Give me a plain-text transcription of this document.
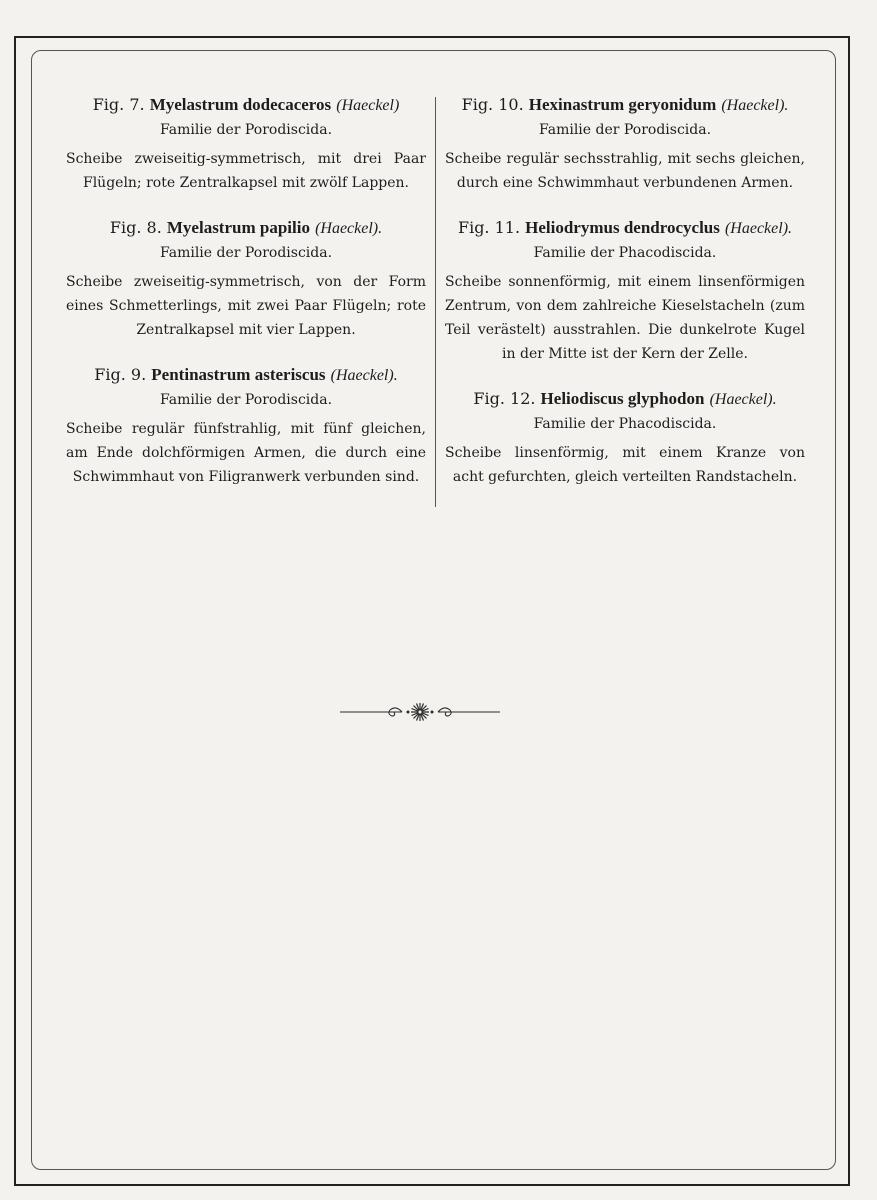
Fig. 7. Myelastrum dodecaceros (Haeckel)
Familie der Porodiscida.
Scheibe zweiseitig-symmetrisch, mit drei Paar
Flügeln; rote Zentralkapsel mit zwölf Lappen.
Fig. 8. Myelastrum papilio (Haeckel).
Familie der Porodiscida.
Scheibe zweiseitig-symmetrisch, von der Form
eines Schmetterlings, mit zwei Paar Flügeln; rote
Zentralkapsel mit vier Lappen.
Fig. 9. Pentinastrum asteriscus (Haeckel).
Familie der Porodiscida.
Scheibe regulär fünfstrahlig, mit fünf gleichen,
am Ende dolchförmigen Armen, die durch eine
Schwimmhaut von Filigranwerk verbunden sind.
Fig. 10. Hexinastrum geryonidum (Haeckel).
Familie der Porodiscida.
Scheibe regulär sechsstrahlig, mit sechs gleichen,
durch eine Schwimmhaut verbundenen Armen.
Fig. 11. Heliodrymus dendrocyclus (Haeckel).
Familie der Phacodiscida.
Scheibe sonnenförmig, mit einem linsenförmigen
Zentrum, von dem zahlreiche Kieselstacheln (zum
Teil verästelt) ausstrahlen. Die dunkelrote Kugel
in der Mitte ist der Kern der Zelle.
Fig. 12. Heliodiscus glyphodon (Haeckel).
Familie der Phacodiscida.
Scheibe linsenförmig, mit einem Kranze von
acht gefurchten, gleich verteilten Randstacheln.
